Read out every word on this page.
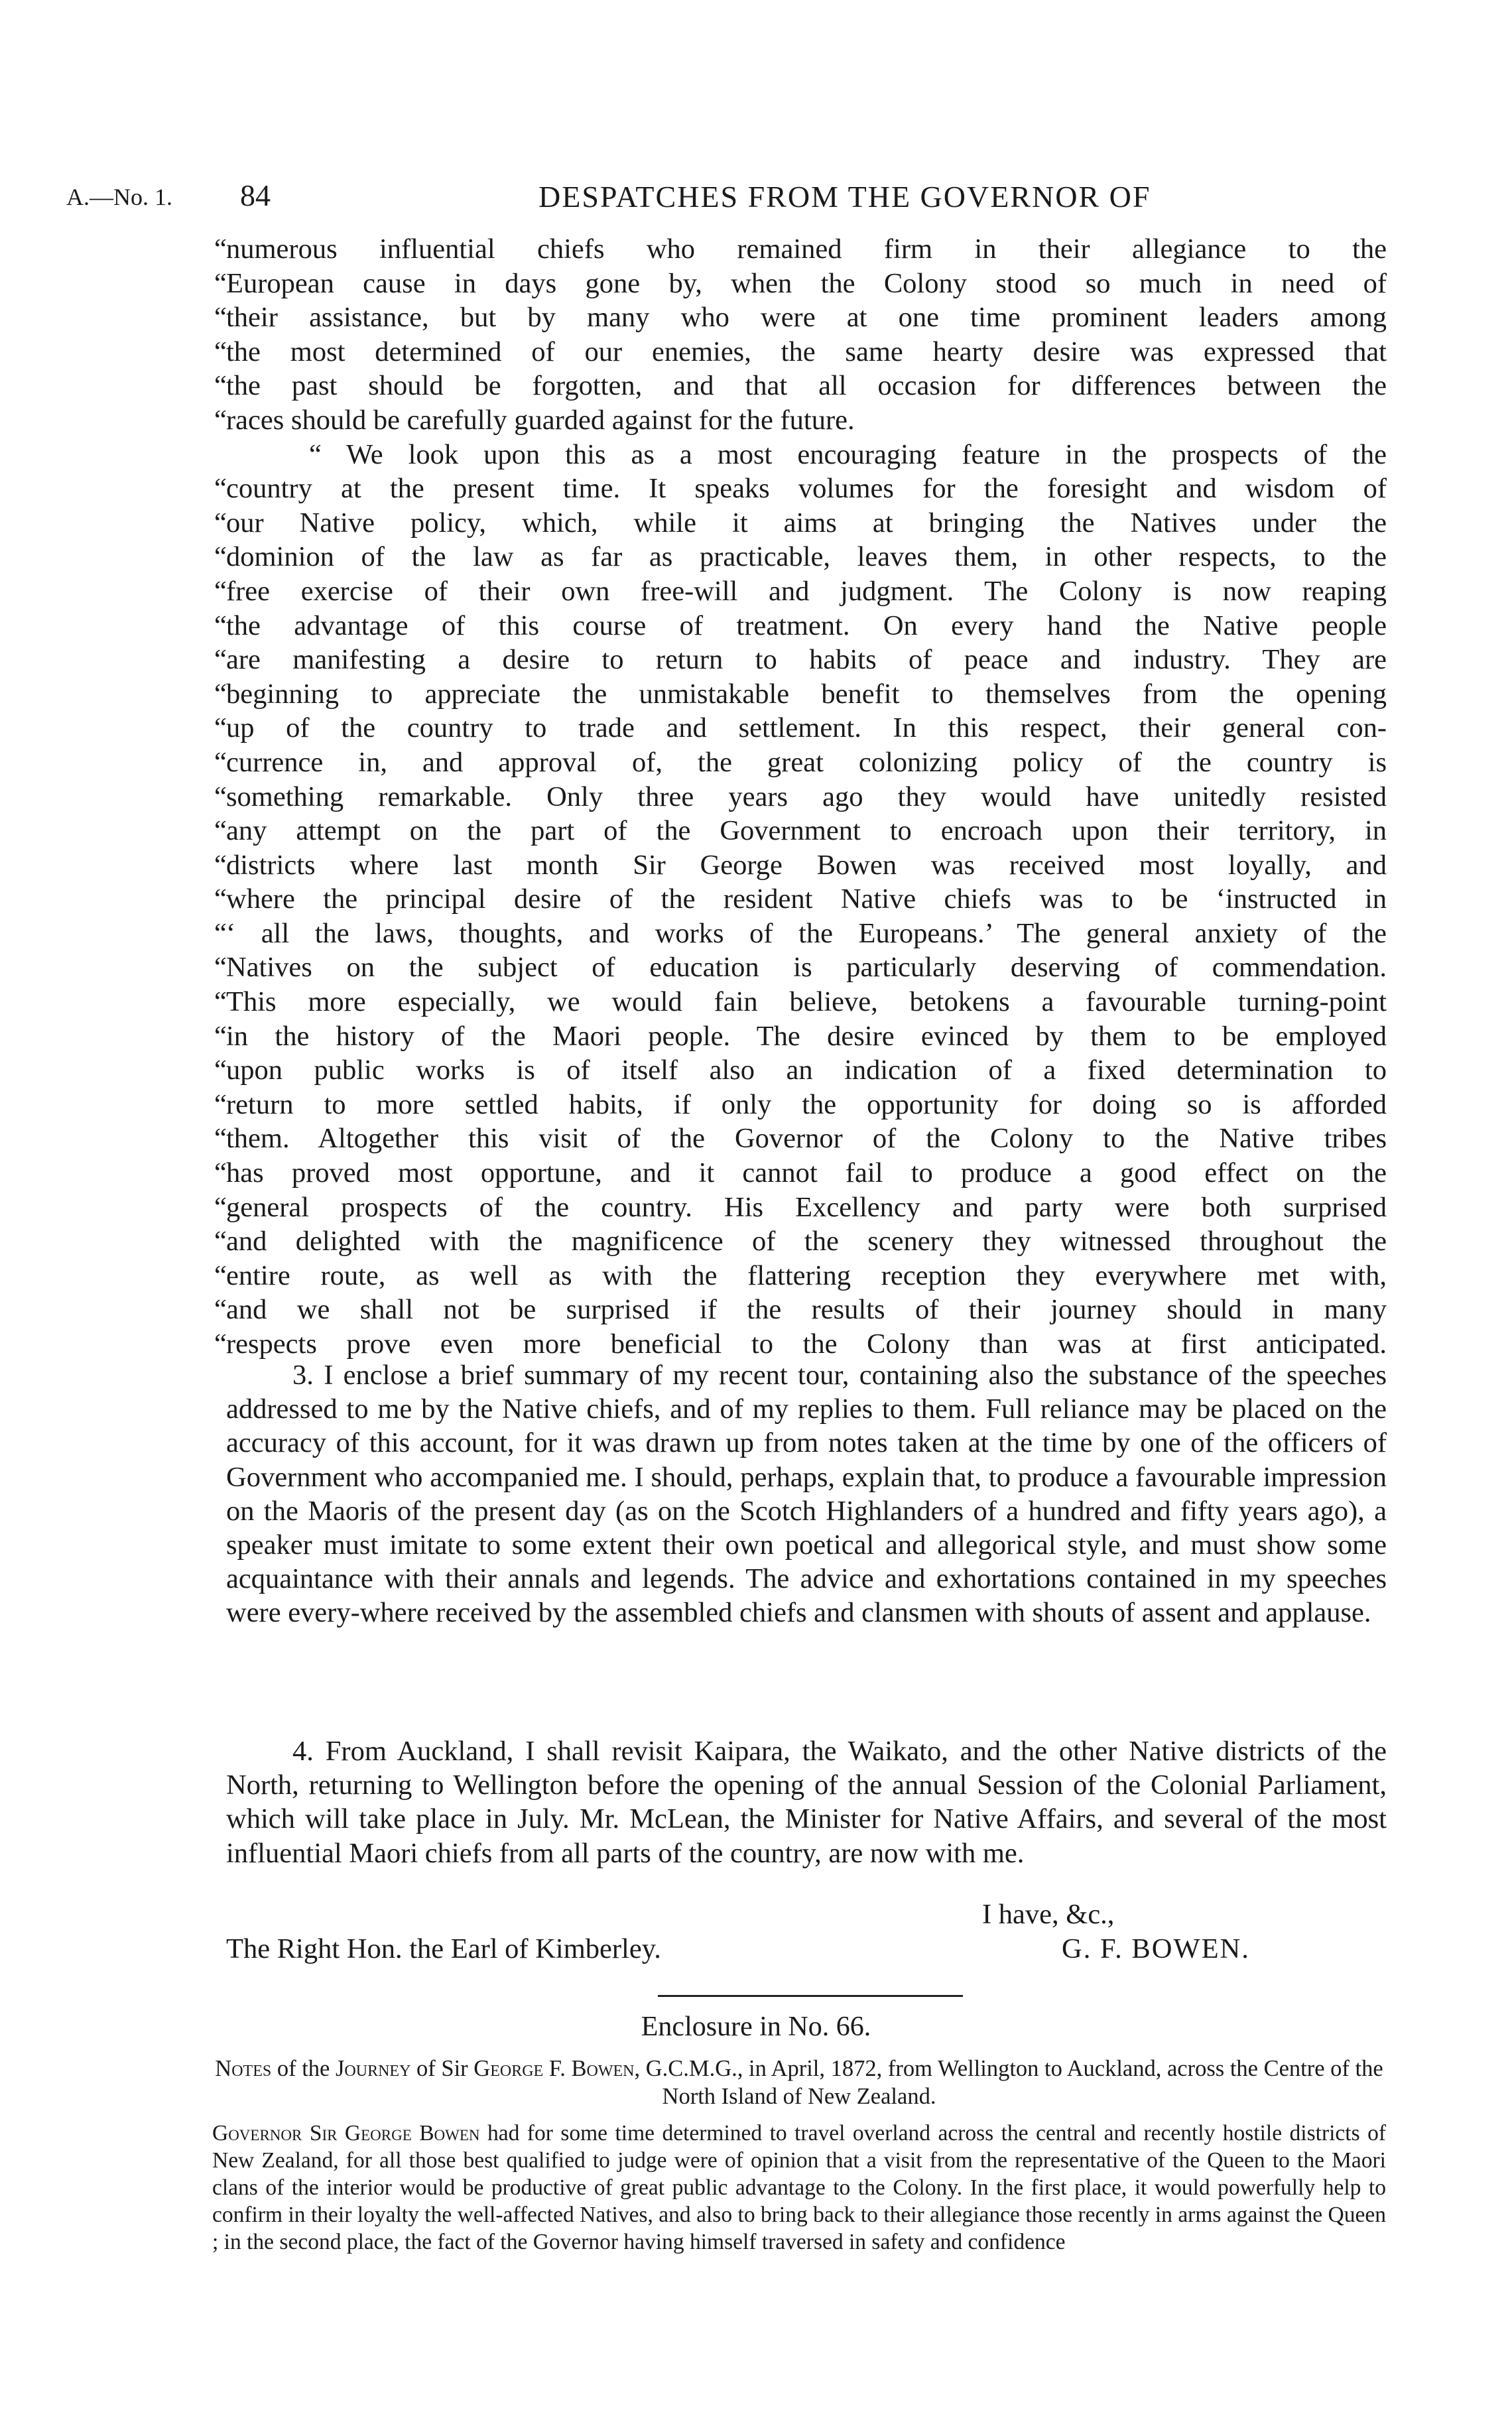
A.—No. 1. 84	DESPATCHES FROM THE GOVERNOR OF
“ numerous influential chiefs who remained firm in their allegiance to the
“ European cause in days gone by, when the Colony stood so much in need of
“ their assistance, but by many who were at one time prominent leaders among
“ the most determined of our enemies, the same hearty desire was expressed that
“ the past should be forgotten, and that all occasion for differences between the
“ races should be carefully guarded against for the future.
“ We look upon this as a most encouraging feature in the prospects of the
“ country at the present time. It speaks volumes for the foresight and wisdom of
“ our Native policy, which, while it aims at bringing the Natives under the
“ dominion of the law as far as practicable, leaves them, in other respects, to the
“ free exercise of their own free-will and judgment. The Colony is now reaping
“ the advantage of this course of treatment. On every hand the Native people
“ are manifesting a desire to return to habits of peace and industry. They are
“ beginning to appreciate the unmistakable benefit to themselves from the opening
“ up of the country to trade and settlement. In this respect, their general con-
“ currence in, and approval of, the great colonizing policy of the country is
“ something remarkable. Only three years ago they would have unitedly resisted
“ any attempt on the part of the Government to encroach upon their territory, in
“ districts where last month Sir George Bowen was received most loyally, and
“ where the principal desire of the resident Native chiefs was to be ‘instructed in
“ ‘ all the laws, thoughts, and works of the Europeans.’ The general anxiety of the
“ Natives on the subject of education is particularly deserving of commendation.
“ This more especially, we would fain believe, betokens a favourable turning-point
“ in the history of the Maori people. The desire evinced by them to be employed
“ upon public works is of itself also an indication of a fixed determination to
“ return to more settled habits, if only the opportunity for doing so is afforded
“ them. Altogether this visit of the Governor of the Colony to the Native tribes
“ has proved most opportune, and it cannot fail to produce a good effect on the
“ general prospects of the country. His Excellency and party were both surprised
“ and delighted with the magnificence of the scenery they witnessed throughout the
“ entire route, as well as with the flattering reception they everywhere met with,
“ and we shall not be surprised if the results of their journey should in many
“ respects prove even more beneficial to the Colony than was at first anticipated.
3. I enclose a brief summary of my recent tour, containing also the substance of the speeches addressed to me by the Native chiefs, and of my replies to them. Full reliance may be placed on the accuracy of this account, for it was drawn up from notes taken at the time by one of the officers of Government who accompanied me. I should, perhaps, explain that, to produce a favourable impression on the Maoris of the present day (as on the Scotch Highlanders of a hundred and fifty years ago), a speaker must imitate to some extent their own poetical and allegorical style, and must show some acquaintance with their annals and legends. The advice and exhortations contained in my speeches were every-where received by the assembled chiefs and clansmen with shouts of assent and applause.
4. From Auckland, I shall revisit Kaipara, the Waikato, and the other Native districts of the North, returning to Wellington before the opening of the annual Session of the Colonial Parliament, which will take place in July. Mr. McLean, the Minister for Native Affairs, and several of the most influential Maori chiefs from all parts of the country, are now with me.
I have, &c.,
The Right Hon. the Earl of Kimberley.	G. F. BOWEN.
Enclosure in No. 66.
Notes of the Journey of Sir George F. Bowen, G.C.M.G., in April, 1872, from Wellington to Auckland, across the Centre of the North Island of New Zealand.
Governor Sir George Bowen had for some time determined to travel overland across the central and recently hostile districts of New Zealand, for all those best qualified to judge were of opinion that a visit from the representative of the Queen to the Maori clans of the interior would be productive of great public advantage to the Colony. In the first place, it would powerfully help to confirm in their loyalty the well-affected Natives, and also to bring back to their allegiance those recently in arms against the Queen ; in the second place, the fact of the Governor having himself traversed in safety and confidence
